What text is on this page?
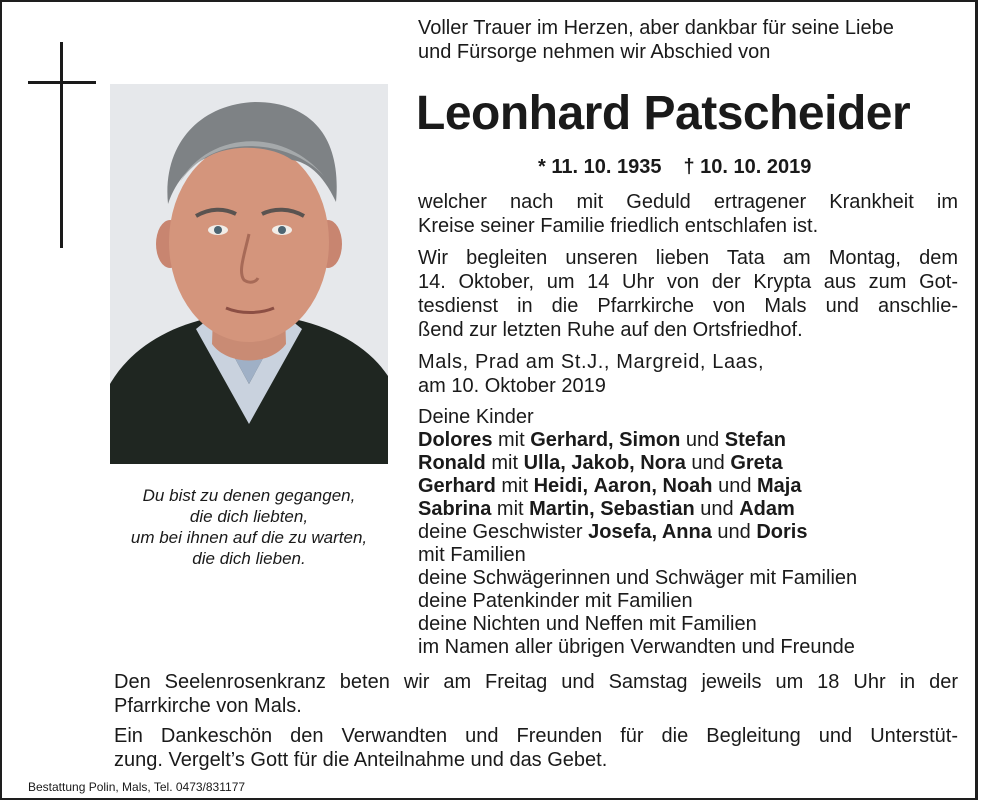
Du bist zu denen gegangen,
die dich liebten,
um bei ihnen auf die zu warten,
die dich lieben.
Voller Trauer im Herzen, aber dankbar für seine Liebe
und Fürsorge nehmen wir Abschied von
Leonhard Patscheider
* 11. 10. 1935 † 10. 10. 2019
welcher nach mit Geduld ertragener Krankheit im
Kreise seiner Familie friedlich entschlafen ist.
Wir begleiten unseren lieben Tata am Montag, dem
14. Oktober, um 14 Uhr von der Krypta aus zum Got-
tesdienst in die Pfarrkirche von Mals und anschlie-
ßend zur letzten Ruhe auf den Ortsfriedhof.
Mals, Prad am St.J., Margreid, Laas,
am 10. Oktober 2019
Deine Kinder
Dolores mit Gerhard, Simon und Stefan
Ronald mit Ulla, Jakob, Nora und Greta
Gerhard mit Heidi, Aaron, Noah und Maja
Sabrina mit Martin, Sebastian und Adam
deine Geschwister Josefa, Anna und Doris
mit Familien
deine Schwägerinnen und Schwäger mit Familien
deine Patenkinder mit Familien
deine Nichten und Neffen mit Familien
im Namen aller übrigen Verwandten und Freunde
Den Seelenrosenkranz beten wir am Freitag und Samstag jeweils um 18 Uhr in der
Pfarrkirche von Mals.
Ein Dankeschön den Verwandten und Freunden für die Begleitung und Unterstüt-
zung. Vergelt’s Gott für die Anteilnahme und das Gebet.
Bestattung Polin, Mals, Tel. 0473/831177
